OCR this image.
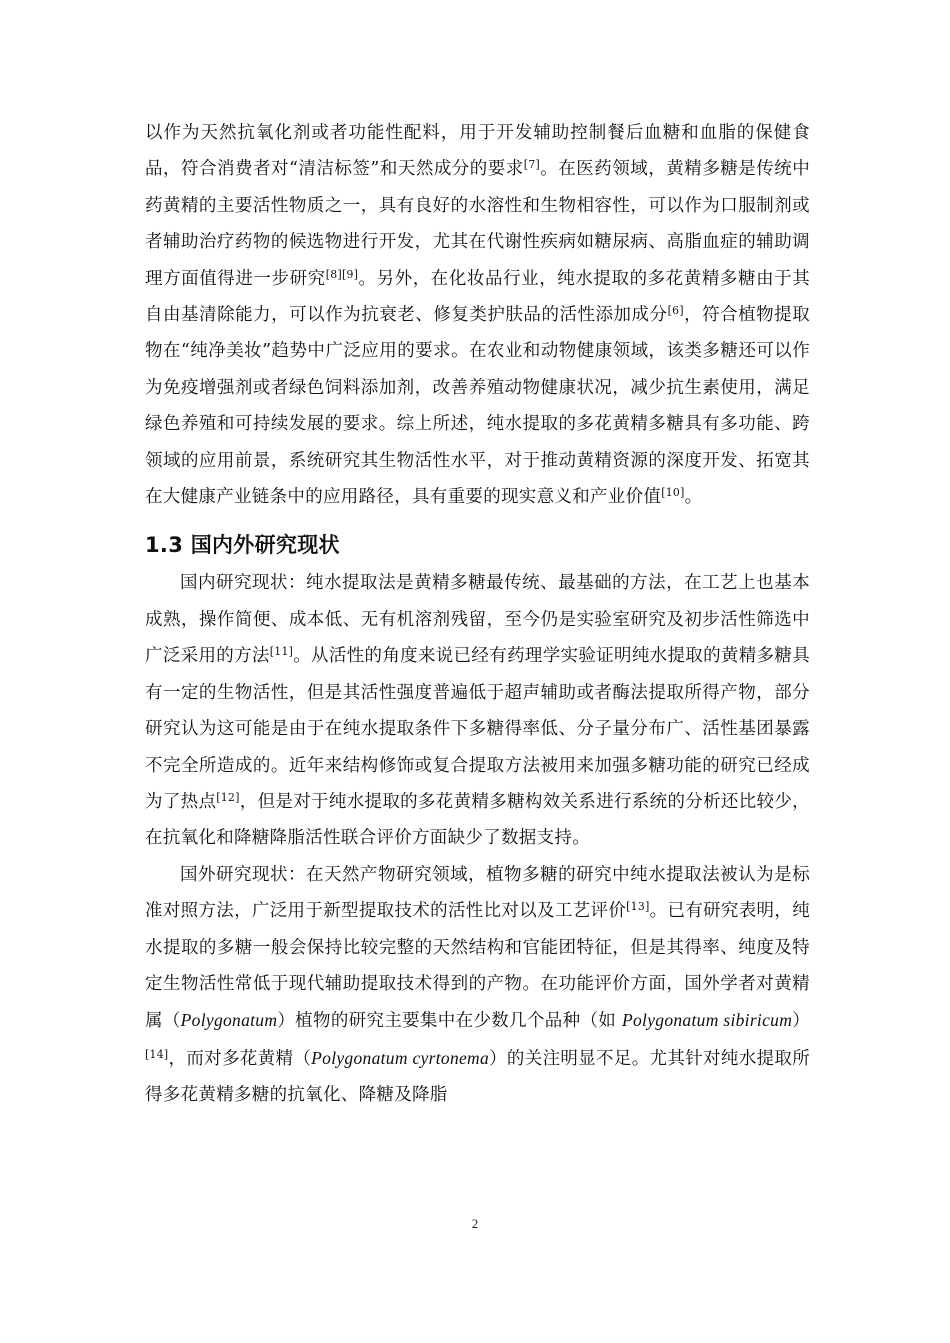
以作为天然抗氧化剂或者功能性配料，用于开发辅助控制餐后血糖和血脂的保健食品，符合消费者对“清洁标签”和天然成分的要求[7]。在医药领域，黄精多糖是传统中药黄精的主要活性物质之一，具有良好的水溶性和生物相容性，可以作为口服制剂或者辅助治疗药物的候选物进行开发，尤其在代谢性疾病如糖尿病、高脂血症的辅助调理方面值得进一步研究[8][9]。另外，在化妆品行业，纯水提取的多花黄精多糖由于其自由基清除能力，可以作为抗衰老、修复类护肤品的活性添加成分[6]，符合植物提取物在“纯净美妆”趋势中广泛应用的要求。在农业和动物健康领域，该类多糖还可以作为免疫增强剂或者绿色饲料添加剂，改善养殖动物健康状况，减少抗生素使用，满足绿色养殖和可持续发展的要求。综上所述，纯水提取的多花黄精多糖具有多功能、跨领域的应用前景，系统研究其生物活性水平，对于推动黄精资源的深度开发、拓宽其在大健康产业链条中的应用路径，具有重要的现实意义和产业价值[10]。

1.3 国内外研究现状

国内研究现状：纯水提取法是黄精多糖最传统、最基础的方法，在工艺上也基本成熟，操作简便、成本低、无有机溶剂残留，至今仍是实验室研究及初步活性筛选中广泛采用的方法[11]。从活性的角度来说已经有药理学实验证明纯水提取的黄精多糖具有一定的生物活性，但是其活性强度普遍低于超声辅助或者酶法提取所得产物，部分研究认为这可能是由于在纯水提取条件下多糖得率低、分子量分布广、活性基团暴露不完全所造成的。近年来结构修饰或复合提取方法被用来加强多糖功能的研究已经成为了热点[12]，但是对于纯水提取的多花黄精多糖构效关系进行系统的分析还比较少，在抗氧化和降糖降脂活性联合评价方面缺少了数据支持。

国外研究现状：在天然产物研究领域，植物多糖的研究中纯水提取法被认为是标准对照方法，广泛用于新型提取技术的活性比对以及工艺评价[13]。已有研究表明，纯水提取的多糖一般会保持比较完整的天然结构和官能团特征，但是其得率、纯度及特定生物活性常低于现代辅助提取技术得到的产物。在功能评价方面，国外学者对黄精属（Polygonatum）植物的研究主要集中在少数几个品种（如 Polygonatum sibiricum）[14]，而对多花黄精（Polygonatum cyrtonema）的关注明显不足。尤其针对纯水提取所得多花黄精多糖的抗氧化、降糖及降脂

2
